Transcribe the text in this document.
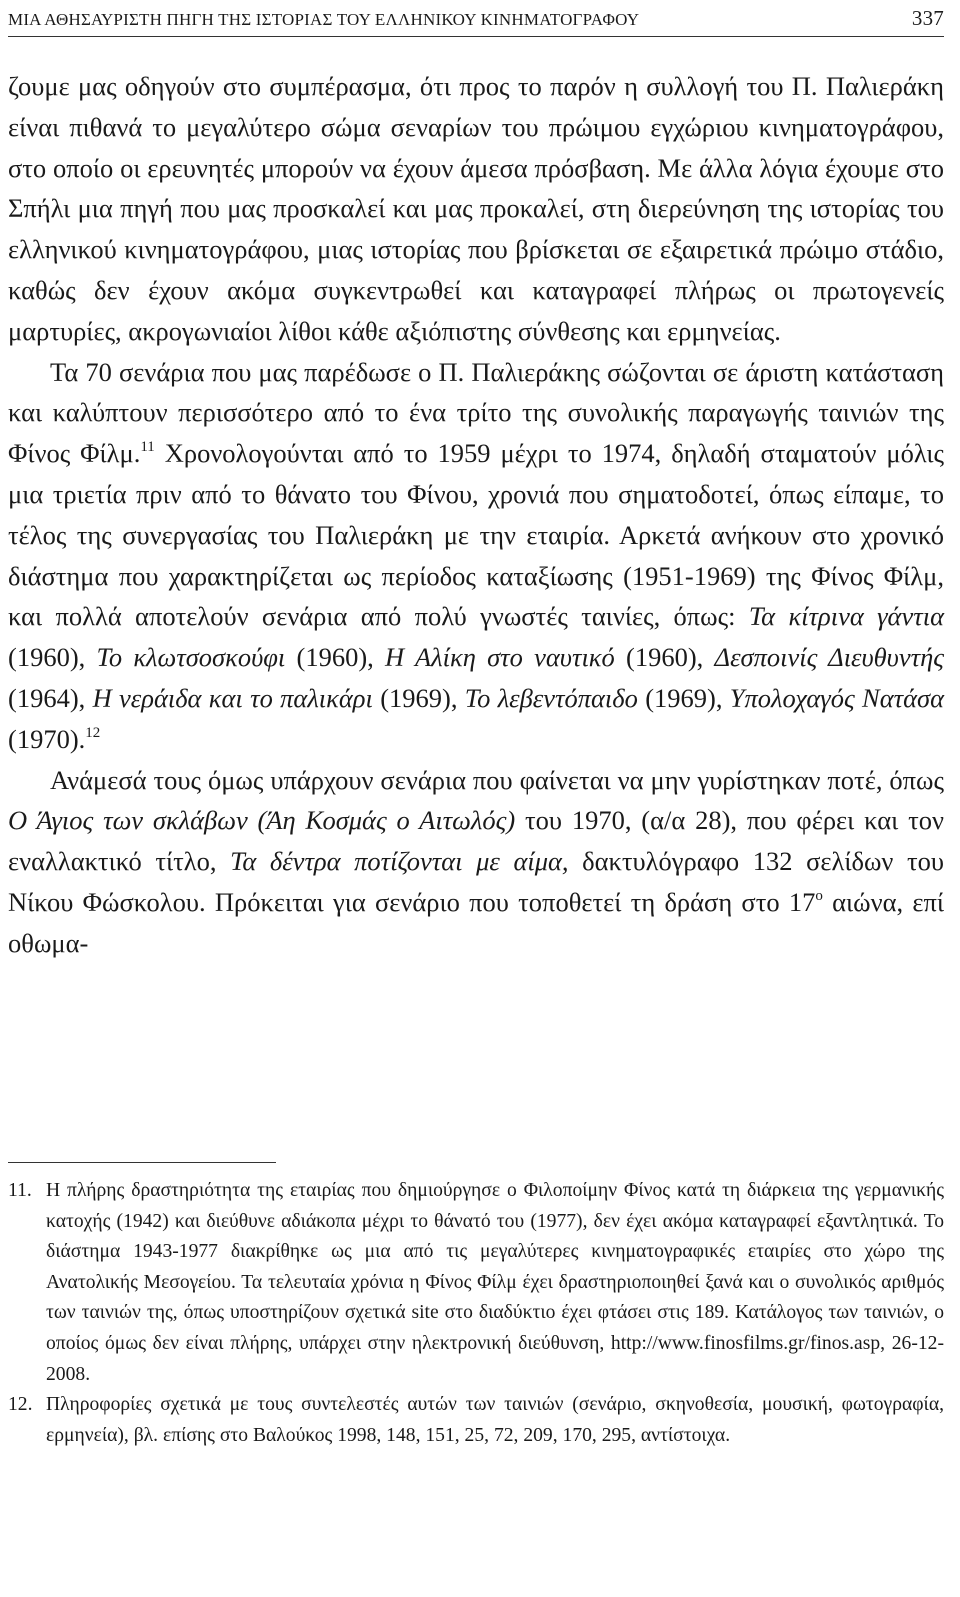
ΜΙΑ ΑΘΗΣΑΥΡΙΣΤΗ ΠΗΓΗ ΤΗΣ ΙΣΤΟΡΙΑΣ ΤΟΥ ΕΛΛΗΝΙΚΟΥ ΚΙΝΗΜΑΤΟΓΡΑΦΟΥ	337

ζουμε μας οδηγούν στο συμπέρασμα, ότι προς το παρόν η συλλογή του Π. Παλιεράκη είναι πιθανά το μεγαλύτερο σώμα σεναρίων του πρώιμου εγχώριου κινηματογράφου, στο οποίο οι ερευνητές μπορούν να έχουν άμεσα πρόσβαση. Με άλλα λόγια έχουμε στο Σπήλι μια πηγή που μας προσκαλεί και μας προκαλεί, στη διερεύνηση της ιστορίας του ελληνικού κινηματογράφου, μιας ιστορίας που βρίσκεται σε εξαιρετικά πρώιμο στάδιο, καθώς δεν έχουν ακόμα συγκεντρωθεί και καταγραφεί πλήρως οι πρωτογενείς μαρτυρίες, ακρογωνιαίοι λίθοι κάθε αξιόπιστης σύνθεσης και ερμηνείας.

Τα 70 σενάρια που μας παρέδωσε ο Π. Παλιεράκης σώζονται σε άριστη κατάσταση και καλύπτουν περισσότερο από το ένα τρίτο της συνολικής παραγωγής ταινιών της Φίνος Φίλμ.$^{11}$ Χρονολογούνται από το 1959 μέχρι το 1974, δηλαδή σταματούν μόλις μια τριετία πριν από το θάνατο του Φίνου, χρονιά που σηματοδοτεί, όπως είπαμε, το τέλος της συνεργασίας του Παλιεράκη με την εταιρία. Αρκετά ανήκουν στο χρονικό διάστημα που χαρακτηρίζεται ως περίοδος καταξίωσης (1951-1969) της Φίνος Φίλμ, και πολλά αποτελούν σενάρια από πολύ γνωστές ταινίες, όπως: Τα κίτρινα γάντια (1960), Το κλωτσοσκούφι (1960), Η Αλίκη στο ναυτικό (1960), Δεσποινίς Διευθυντής (1964), Η νεράιδα και το παλικάρι (1969), Το λεβεντόπαιδο (1969), Υπολοχαγός Νατάσα (1970).$^{12}$

Ανάμεσά τους όμως υπάρχουν σενάρια που φαίνεται να μην γυρίστηκαν ποτέ, όπως Ο Άγιος των σκλάβων (Άη Κοσμάς ο Αιτωλός) του 1970, (α/α 28), που φέρει και τον εναλλακτικό τίτλο, Τα δέντρα ποτίζονται με αίμα, δακτυλόγραφο 132 σελίδων του Νίκου Φώσκολου. Πρόκειται για σενάριο που τοποθετεί τη δράση στο $17^o$ αιώνα, επί οθωμα-

11. Η πλήρης δραστηριότητα της εταιρίας που δημιούργησε ο Φιλοποίμην Φίνος κατά τη διάρκεια της γερμανικής κατοχής (1942) και διεύθυνε αδιάκοπα μέχρι το θάνατό του (1977), δεν έχει ακόμα καταγραφεί εξαντλητικά. Το διάστημα 1943-1977 διακρίθηκε ως μια από τις μεγαλύτερες κινηματογραφικές εταιρίες στο χώρο της Ανατολικής Μεσογείου. Τα τελευταία χρόνια η Φίνος Φίλμ έχει δραστηριοποιηθεί ξανά και ο συνολικός αριθμός των ταινιών της, όπως υποστηρίζουν σχετικά site στο διαδύκτιο έχει φτάσει στις 189. Κατάλογος των ταινιών, ο οποίος όμως δεν είναι πλήρης, υπάρχει στην ηλεκτρονική διεύθυνση, http://www.finosfilms.gr/finos.asp, 26-12-2008.
12. Πληροφορίες σχετικά με τους συντελεστές αυτών των ταινιών (σενάριο, σκηνοθεσία, μουσική, φωτογραφία, ερμηνεία), βλ. επίσης στο Βαλούκος 1998, 148, 151, 25, 72, 209, 170, 295, αντίστοιχα.
